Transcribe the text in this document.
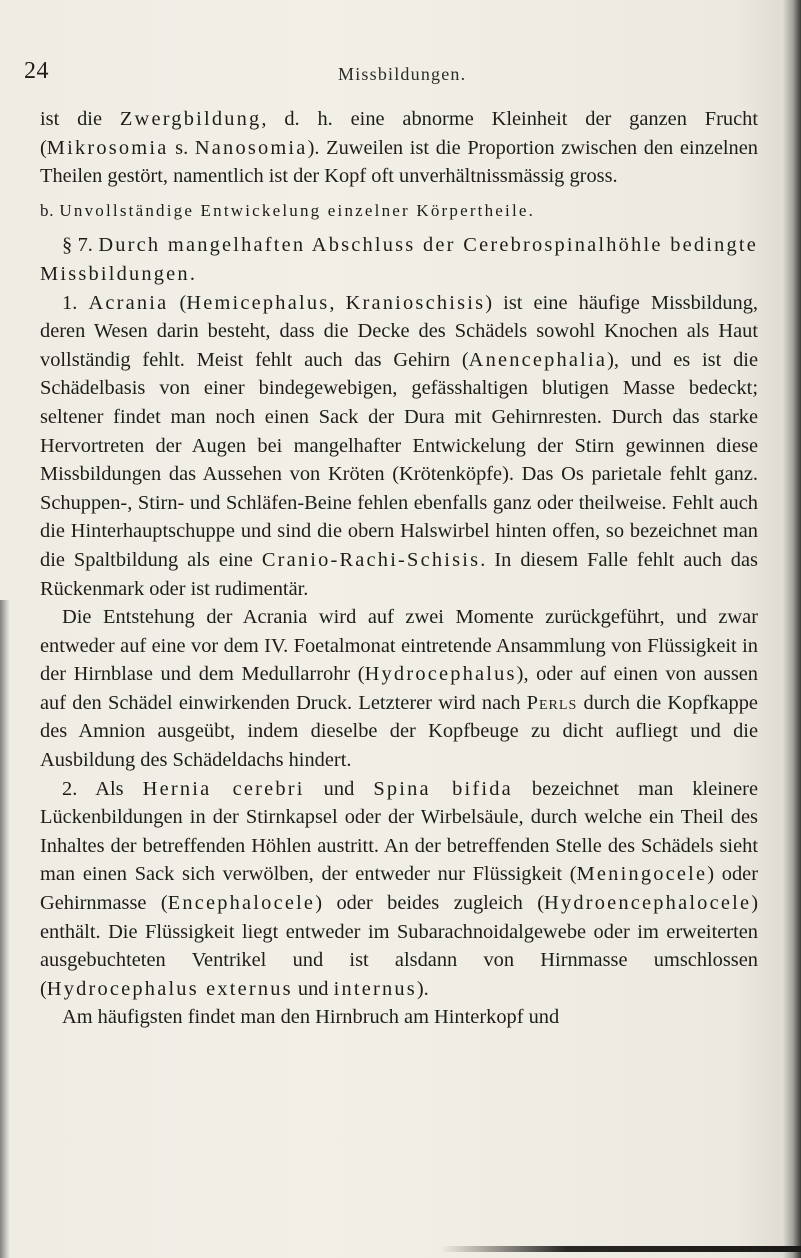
24	Missbildungen.

ist die Zwergbildung, d. h. eine abnorme Kleinheit der ganzen Frucht (Mikrosomia s. Nanosomia). Zuweilen ist die Proportion zwischen den einzelnen Theilen gestört, namentlich ist der Kopf oft unverhältnissmässig gross.

b. Unvollständige Entwickelung einzelner Körpertheile.

§ 7. Durch mangelhaften Abschluss der Cerebrospinalhöhle bedingte Missbildungen.

1. Acrania (Hemicephalus, Kranioschisis) ist eine häufige Missbildung, deren Wesen darin besteht, dass die Decke des Schädels sowohl Knochen als Haut vollständig fehlt. Meist fehlt auch das Gehirn (Anencephalia), und es ist die Schädelbasis von einer bindegewebigen, gefässhaltigen blutigen Masse bedeckt; seltener findet man noch einen Sack der Dura mit Gehirnresten. Durch das starke Hervortreten der Augen bei mangelhafter Entwickelung der Stirn gewinnen diese Missbildungen das Aussehen von Kröten (Krötenköpfe). Das Os parietale fehlt ganz. Schuppen-, Stirn- und Schläfen-Beine fehlen ebenfalls ganz oder theilweise. Fehlt auch die Hinterhauptschuppe und sind die obern Halswirbel hinten offen, so bezeichnet man die Spaltbildung als eine Cranio-Rachi-Schisis. In diesem Falle fehlt auch das Rückenmark oder ist rudimentär.

Die Entstehung der Acrania wird auf zwei Momente zurückgeführt, und zwar entweder auf eine vor dem IV. Foetalmonat eintretende Ansammlung von Flüssigkeit in der Hirnblase und dem Medullarrohr (Hydrocephalus), oder auf einen von aussen auf den Schädel einwirkenden Druck. Letzterer wird nach Perls durch die Kopfkappe des Amnion ausgeübt, indem dieselbe der Kopfbeuge zu dicht aufliegt und die Ausbildung des Schädeldachs hindert.

2. Als Hernia cerebri und Spina bifida bezeichnet man kleinere Lückenbildungen in der Stirnkapsel oder der Wirbelsäule, durch welche ein Theil des Inhaltes der betreffenden Höhlen austritt. An der betreffenden Stelle des Schädels sieht man einen Sack sich verwölben, der entweder nur Flüssigkeit (Meningocele) oder Gehirnmasse (Encephalocele) oder beides zugleich (Hydroencephalocele) enthält. Die Flüssigkeit liegt entweder im Subarachnoidalgewebe oder im erweiterten ausgebuchteten Ventrikel und ist alsdann von Hirnmasse umschlossen (Hydrocephalus externus und internus).

Am häufigsten findet man den Hirnbruch am Hinterkopf und
